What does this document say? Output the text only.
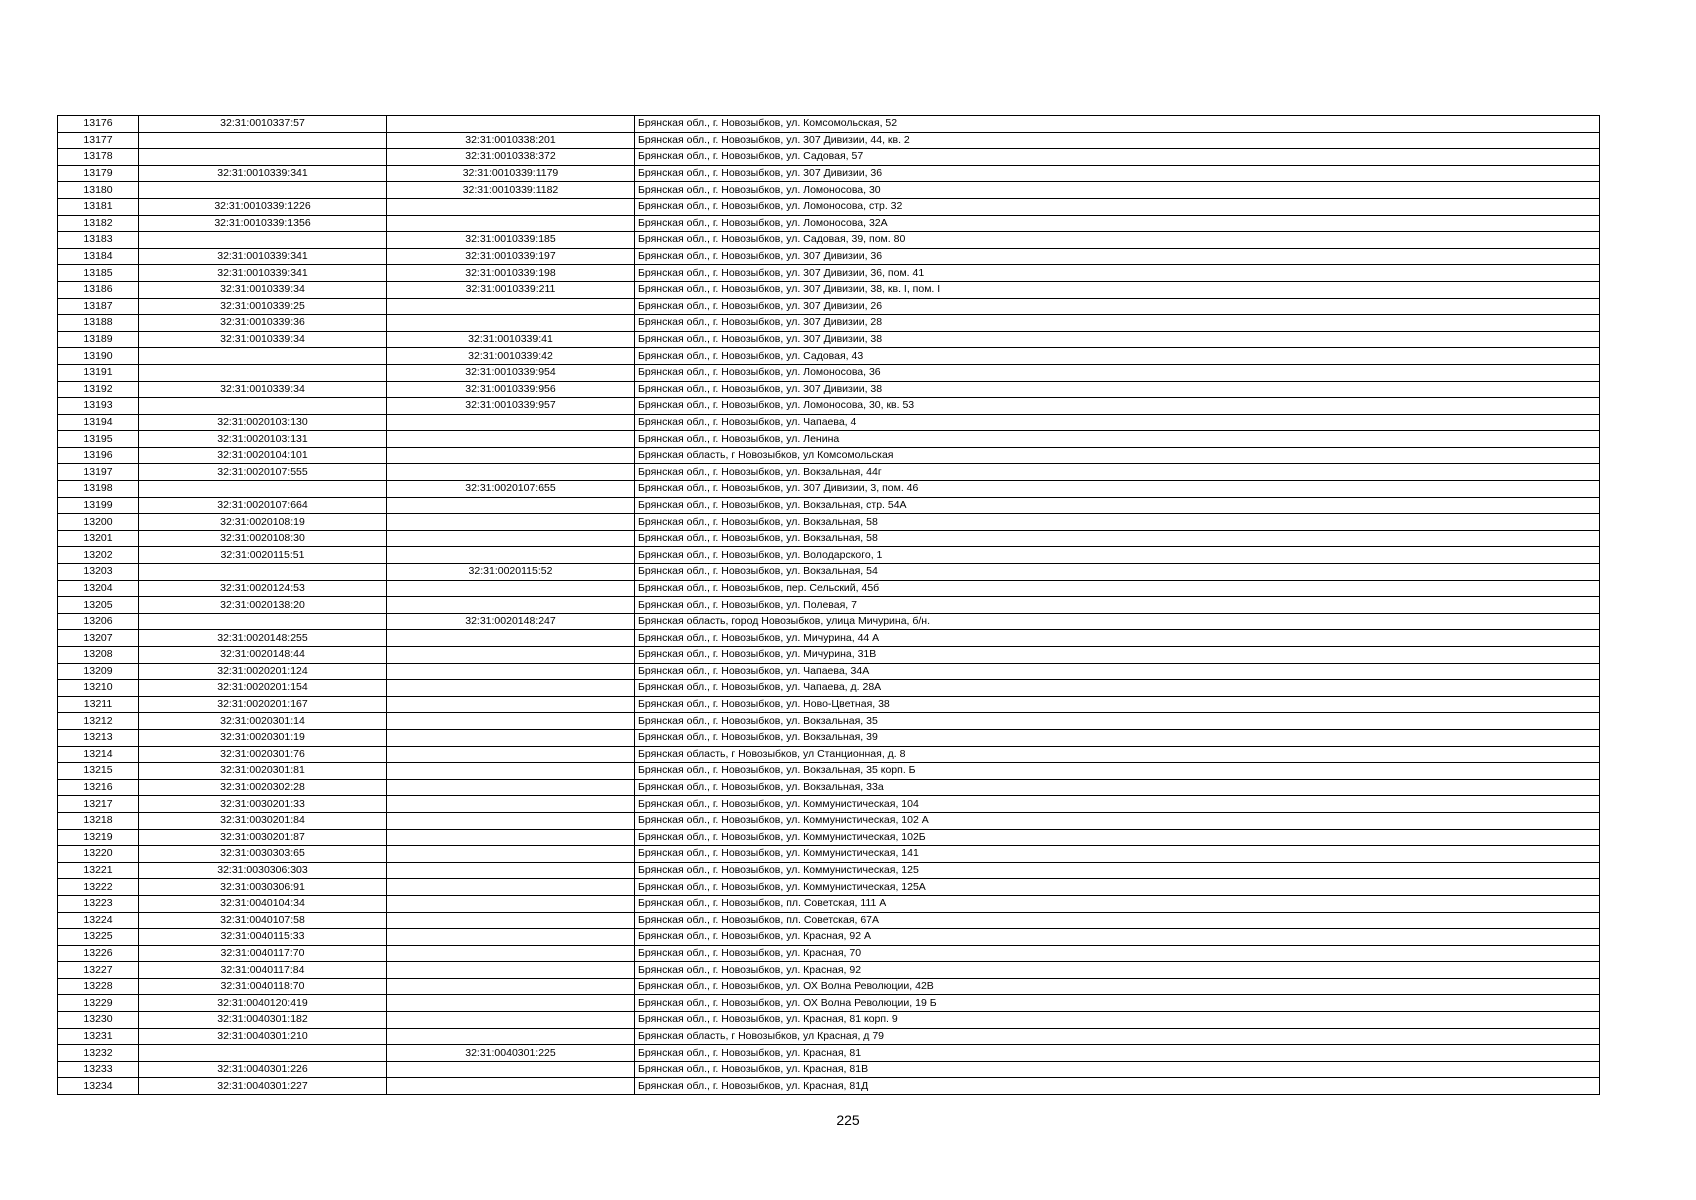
13176	32:31:0010337:57		Брянская обл., г. Новозыбков, ул. Комсомольская, 52
13177		32:31:0010338:201	Брянская обл., г. Новозыбков, ул. 307 Дивизии, 44, кв. 2
13178		32:31:0010338:372	Брянская обл., г. Новозыбков, ул. Садовая, 57
13179	32:31:0010339:341	32:31:0010339:1179	Брянская обл., г. Новозыбков, ул. 307 Дивизии, 36
13180		32:31:0010339:1182	Брянская обл., г. Новозыбков, ул. Ломоносова, 30
13181	32:31:0010339:1226		Брянская обл., г. Новозыбков, ул. Ломоносова, стр. 32
13182	32:31:0010339:1356		Брянская обл., г. Новозыбков, ул. Ломоносова, 32А
13183		32:31:0010339:185	Брянская обл., г. Новозыбков, ул. Садовая, 39, пом. 80
13184	32:31:0010339:341	32:31:0010339:197	Брянская обл., г. Новозыбков, ул. 307 Дивизии, 36
13185	32:31:0010339:341	32:31:0010339:198	Брянская обл., г. Новозыбков, ул. 307 Дивизии, 36, пом. 41
13186	32:31:0010339:34	32:31:0010339:211	Брянская обл., г. Новозыбков, ул. 307 Дивизии, 38, кв. I, пом. I
13187	32:31:0010339:25		Брянская обл., г. Новозыбков, ул. 307 Дивизии, 26
13188	32:31:0010339:36		Брянская обл., г. Новозыбков, ул. 307 Дивизии, 28
13189	32:31:0010339:34	32:31:0010339:41	Брянская обл., г. Новозыбков, ул. 307 Дивизии, 38
13190		32:31:0010339:42	Брянская обл., г. Новозыбков, ул. Садовая, 43
13191		32:31:0010339:954	Брянская обл., г. Новозыбков, ул. Ломоносова, 36
13192	32:31:0010339:34	32:31:0010339:956	Брянская обл., г. Новозыбков, ул. 307 Дивизии, 38
13193		32:31:0010339:957	Брянская обл., г. Новозыбков, ул. Ломоносова, 30, кв. 53
13194	32:31:0020103:130		Брянская обл., г. Новозыбков, ул. Чапаева, 4
13195	32:31:0020103:131		Брянская обл., г. Новозыбков, ул. Ленина
13196	32:31:0020104:101		Брянская область, г Новозыбков, ул Комсомольская
13197	32:31:0020107:555		Брянская обл., г. Новозыбков, ул. Вокзальная, 44г
13198		32:31:0020107:655	Брянская обл., г. Новозыбков, ул. 307 Дивизии, 3, пом. 46
13199	32:31:0020107:664		Брянская обл., г. Новозыбков, ул. Вокзальная, стр. 54А
13200	32:31:0020108:19		Брянская обл., г. Новозыбков, ул. Вокзальная, 58
13201	32:31:0020108:30		Брянская обл., г. Новозыбков, ул. Вокзальная, 58
13202	32:31:0020115:51		Брянская обл., г. Новозыбков, ул. Володарского, 1
13203		32:31:0020115:52	Брянская обл., г. Новозыбков, ул. Вокзальная, 54
13204	32:31:0020124:53		Брянская обл., г. Новозыбков, пер. Сельский, 45б
13205	32:31:0020138:20		Брянская обл., г. Новозыбков, ул. Полевая, 7
13206		32:31:0020148:247	Брянская область, город Новозыбков, улица Мичурина, б/н.
13207	32:31:0020148:255		Брянская обл., г. Новозыбков, ул. Мичурина, 44 А
13208	32:31:0020148:44		Брянская обл., г. Новозыбков, ул. Мичурина, 31В
13209	32:31:0020201:124		Брянская обл., г. Новозыбков, ул. Чапаева, 34А
13210	32:31:0020201:154		Брянская обл., г. Новозыбков, ул. Чапаева, д. 28А
13211	32:31:0020201:167		Брянская обл., г. Новозыбков, ул. Ново-Цветная, 38
13212	32:31:0020301:14		Брянская обл., г. Новозыбков, ул. Вокзальная, 35
13213	32:31:0020301:19		Брянская обл., г. Новозыбков, ул. Вокзальная, 39
13214	32:31:0020301:76		Брянская область, г Новозыбков, ул Станционная, д. 8
13215	32:31:0020301:81		Брянская обл., г. Новозыбков, ул. Вокзальная, 35 корп. Б
13216	32:31:0020302:28		Брянская обл., г. Новозыбков, ул. Вокзальная, 33а
13217	32:31:0030201:33		Брянская обл., г. Новозыбков, ул. Коммунистическая, 104
13218	32:31:0030201:84		Брянская обл., г. Новозыбков, ул. Коммунистическая, 102 А
13219	32:31:0030201:87		Брянская обл., г. Новозыбков, ул. Коммунистическая, 102Б
13220	32:31:0030303:65		Брянская обл., г. Новозыбков, ул. Коммунистическая, 141
13221	32:31:0030306:303		Брянская обл., г. Новозыбков, ул. Коммунистическая, 125
13222	32:31:0030306:91		Брянская обл., г. Новозыбков, ул. Коммунистическая, 125А
13223	32:31:0040104:34		Брянская обл., г. Новозыбков, пл. Советская, 111 А
13224	32:31:0040107:58		Брянская обл., г. Новозыбков, пл. Советская, 67А
13225	32:31:0040115:33		Брянская обл., г. Новозыбков, ул. Красная, 92 А
13226	32:31:0040117:70		Брянская обл., г. Новозыбков, ул. Красная, 70
13227	32:31:0040117:84		Брянская обл., г. Новозыбков, ул. Красная, 92
13228	32:31:0040118:70		Брянская обл., г. Новозыбков, ул. ОХ Волна Революции, 42В
13229	32:31:0040120:419		Брянская обл., г. Новозыбков, ул. ОХ Волна Революции, 19 Б
13230	32:31:0040301:182		Брянская обл., г. Новозыбков, ул. Красная, 81 корп. 9
13231	32:31:0040301:210		Брянская область, г Новозыбков, ул Красная, д 79
13232		32:31:0040301:225	Брянская обл., г. Новозыбков, ул. Красная, 81
13233	32:31:0040301:226		Брянская обл., г. Новозыбков, ул. Красная, 81В
13234	32:31:0040301:227		Брянская обл., г. Новозыбков, ул. Красная, 81Д
225
